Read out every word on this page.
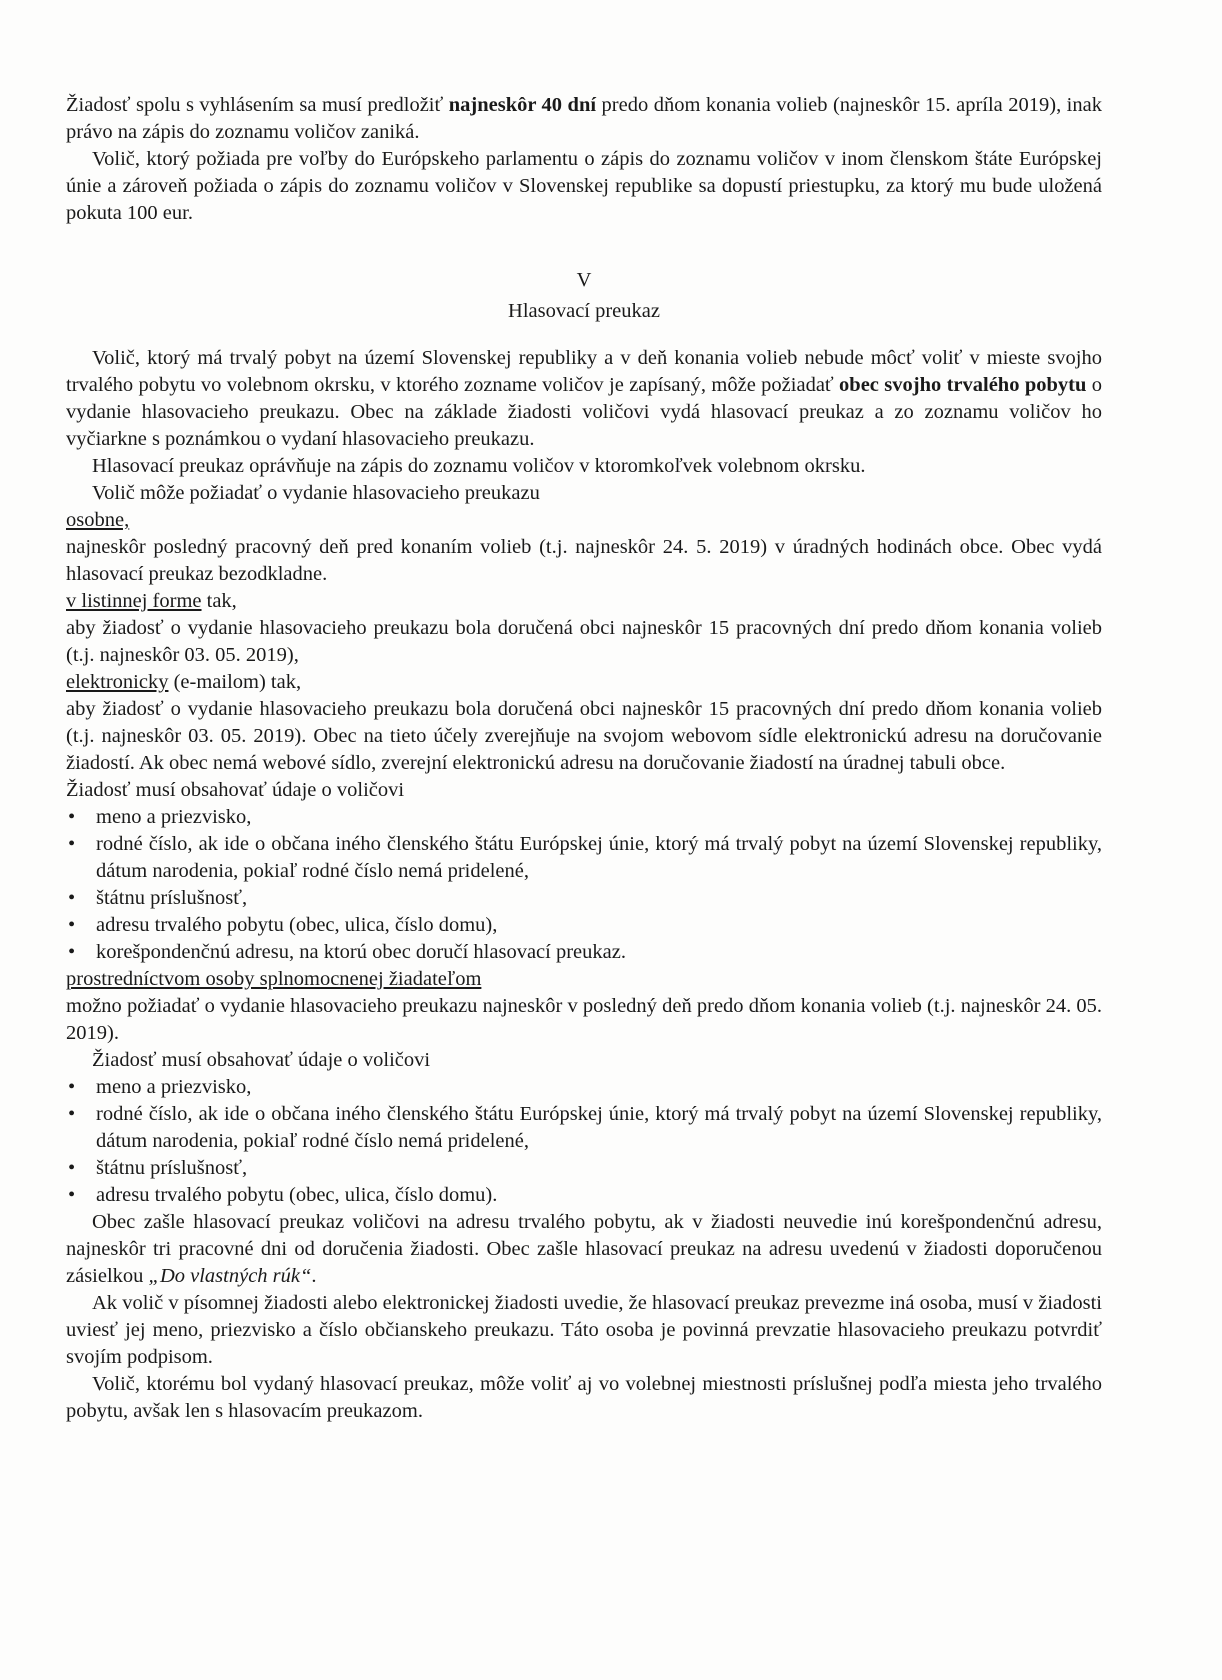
Žiadosť spolu s vyhlásením sa musí predložiť najneskôr 40 dní predo dňom konania volieb (najneskôr 15. apríla 2019), inak právo na zápis do zoznamu voličov zaniká.

Volič, ktorý požiada pre voľby do Európskeho parlamentu o zápis do zoznamu voličov v inom členskom štáte Európskej únie a zároveň požiada o zápis do zoznamu voličov v Slovenskej republike sa dopustí priestupku, za ktorý mu bude uložená pokuta 100 eur.

V

Hlasovací preukaz

Volič, ktorý má trvalý pobyt na území Slovenskej republiky a v deň konania volieb nebude môcť voliť v mieste svojho trvalého pobytu vo volebnom okrsku, v ktorého zozname voličov je zapísaný, môže požiadať obec svojho trvalého pobytu o vydanie hlasovacieho preukazu. Obec na základe žiadosti voličovi vydá hlasovací preukaz a zo zoznamu voličov ho vyčiarkne s poznámkou o vydaní hlasovacieho preukazu.

Hlasovací preukaz oprávňuje na zápis do zoznamu voličov v ktoromkoľvek volebnom okrsku.

Volič môže požiadať o vydanie hlasovacieho preukazu

osobne,

najneskôr posledný pracovný deň pred konaním volieb (t.j. najneskôr 24. 5. 2019) v úradných hodinách obce. Obec vydá hlasovací preukaz bezodkladne.

v listinnej forme tak,

aby žiadosť o vydanie hlasovacieho preukazu bola doručená obci najneskôr 15 pracovných dní predo dňom konania volieb (t.j. najneskôr 03. 05. 2019),

elektronicky (e-mailom) tak,

aby žiadosť o vydanie hlasovacieho preukazu bola doručená obci najneskôr 15 pracovných dní predo dňom konania volieb (t.j. najneskôr 03. 05. 2019). Obec na tieto účely zverejňuje na svojom webovom sídle elektronickú adresu na doručovanie žiadostí. Ak obec nemá webové sídlo, zverejní elektronickú adresu na doručovanie žiadostí na úradnej tabuli obce.

Žiadosť musí obsahovať údaje o voličovi

• meno a priezvisko,
• rodné číslo, ak ide o občana iného členského štátu Európskej únie, ktorý má trvalý pobyt na území Slovenskej republiky, dátum narodenia, pokiaľ rodné číslo nemá pridelené,
• štátnu príslušnosť,
• adresu trvalého pobytu (obec, ulica, číslo domu),
• korešpondenčnú adresu, na ktorú obec doručí hlasovací preukaz.

prostredníctvom osoby splnomocnenej žiadateľom

možno požiadať o vydanie hlasovacieho preukazu najneskôr v posledný deň predo dňom konania volieb (t.j. najneskôr 24. 05. 2019).

Žiadosť musí obsahovať údaje o voličovi

• meno a priezvisko,
• rodné číslo, ak ide o občana iného členského štátu Európskej únie, ktorý má trvalý pobyt na území Slovenskej republiky, dátum narodenia, pokiaľ rodné číslo nemá pridelené,
• štátnu príslušnosť,
• adresu trvalého pobytu (obec, ulica, číslo domu).

Obec zašle hlasovací preukaz voličovi na adresu trvalého pobytu, ak v žiadosti neuvedie inú korešpondenčnú adresu, najneskôr tri pracovné dni od doručenia žiadosti. Obec zašle hlasovací preukaz na adresu uvedenú v žiadosti doporučenou zásielkou „Do vlastných rúk“.

Ak volič v písomnej žiadosti alebo elektronickej žiadosti uvedie, že hlasovací preukaz prevezme iná osoba, musí v žiadosti uviesť jej meno, priezvisko a číslo občianskeho preukazu. Táto osoba je povinná prevzatie hlasovacieho preukazu potvrdiť svojím podpisom.

Volič, ktorému bol vydaný hlasovací preukaz, môže voliť aj vo volebnej miestnosti príslušnej podľa miesta jeho trvalého pobytu, avšak len s hlasovacím preukazom.
